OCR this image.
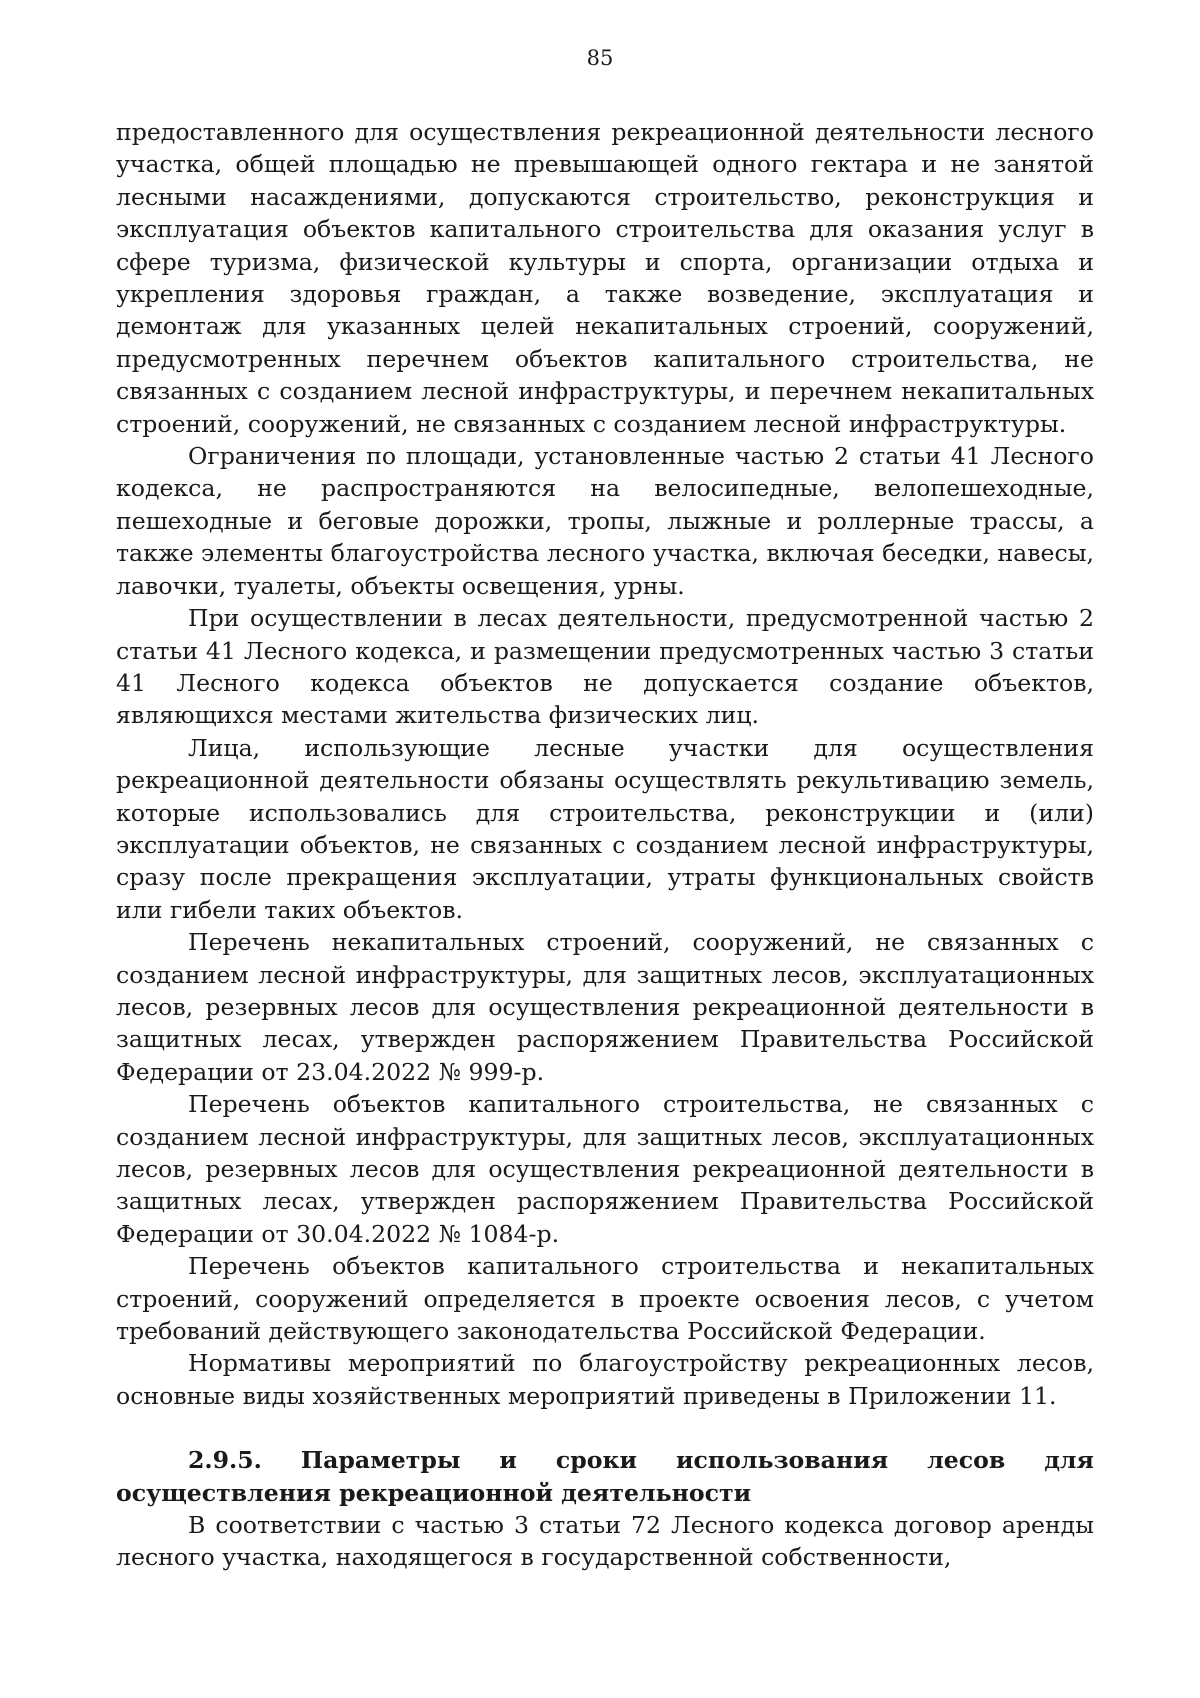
85

предоставленного для осуществления рекреационной деятельности лесного участка, общей площадью не превышающей одного гектара и не занятой лесными насаждениями, допускаются строительство, реконструкция и эксплуатация объектов капитального строительства для оказания услуг в сфере туризма, физической культуры и спорта, организации отдыха и укрепления здоровья граждан, а также возведение, эксплуатация и демонтаж для указанных целей некапитальных строений, сооружений, предусмотренных перечнем объектов капитального строительства, не связанных с созданием лесной инфраструктуры, и перечнем некапитальных строений, сооружений, не связанных с созданием лесной инфраструктуры.

Ограничения по площади, установленные частью 2 статьи 41 Лесного кодекса, не распространяются на велосипедные, велопешеходные, пешеходные и беговые дорожки, тропы, лыжные и роллерные трассы, а также элементы благоустройства лесного участка, включая беседки, навесы, лавочки, туалеты, объекты освещения, урны.

При осуществлении в лесах деятельности, предусмотренной частью 2 статьи 41 Лесного кодекса, и размещении предусмотренных частью 3 статьи 41 Лесного кодекса объектов не допускается создание объектов, являющихся местами жительства физических лиц.

Лица, использующие лесные участки для осуществления рекреационной деятельности обязаны осуществлять рекультивацию земель, которые использовались для строительства, реконструкции и (или) эксплуатации объектов, не связанных с созданием лесной инфраструктуры, сразу после прекращения эксплуатации, утраты функциональных свойств или гибели таких объектов.

Перечень некапитальных строений, сооружений, не связанных с созданием лесной инфраструктуры, для защитных лесов, эксплуатационных лесов, резервных лесов для осуществления рекреационной деятельности в защитных лесах, утвержден распоряжением Правительства Российской Федерации от 23.04.2022 № 999-р.

Перечень объектов капитального строительства, не связанных с созданием лесной инфраструктуры, для защитных лесов, эксплуатационных лесов, резервных лесов для осуществления рекреационной деятельности в защитных лесах, утвержден распоряжением Правительства Российской Федерации от 30.04.2022 № 1084-р.

Перечень объектов капитального строительства и некапитальных строений, сооружений определяется в проекте освоения лесов, с учетом требований действующего законодательства Российской Федерации.

Нормативы мероприятий по благоустройству рекреационных лесов, основные виды хозяйственных мероприятий приведены в Приложении 11.

2.9.5. Параметры и сроки использования лесов для осуществления рекреационной деятельности

В соответствии с частью 3 статьи 72 Лесного кодекса договор аренды лесного участка, находящегося в государственной собственности,
